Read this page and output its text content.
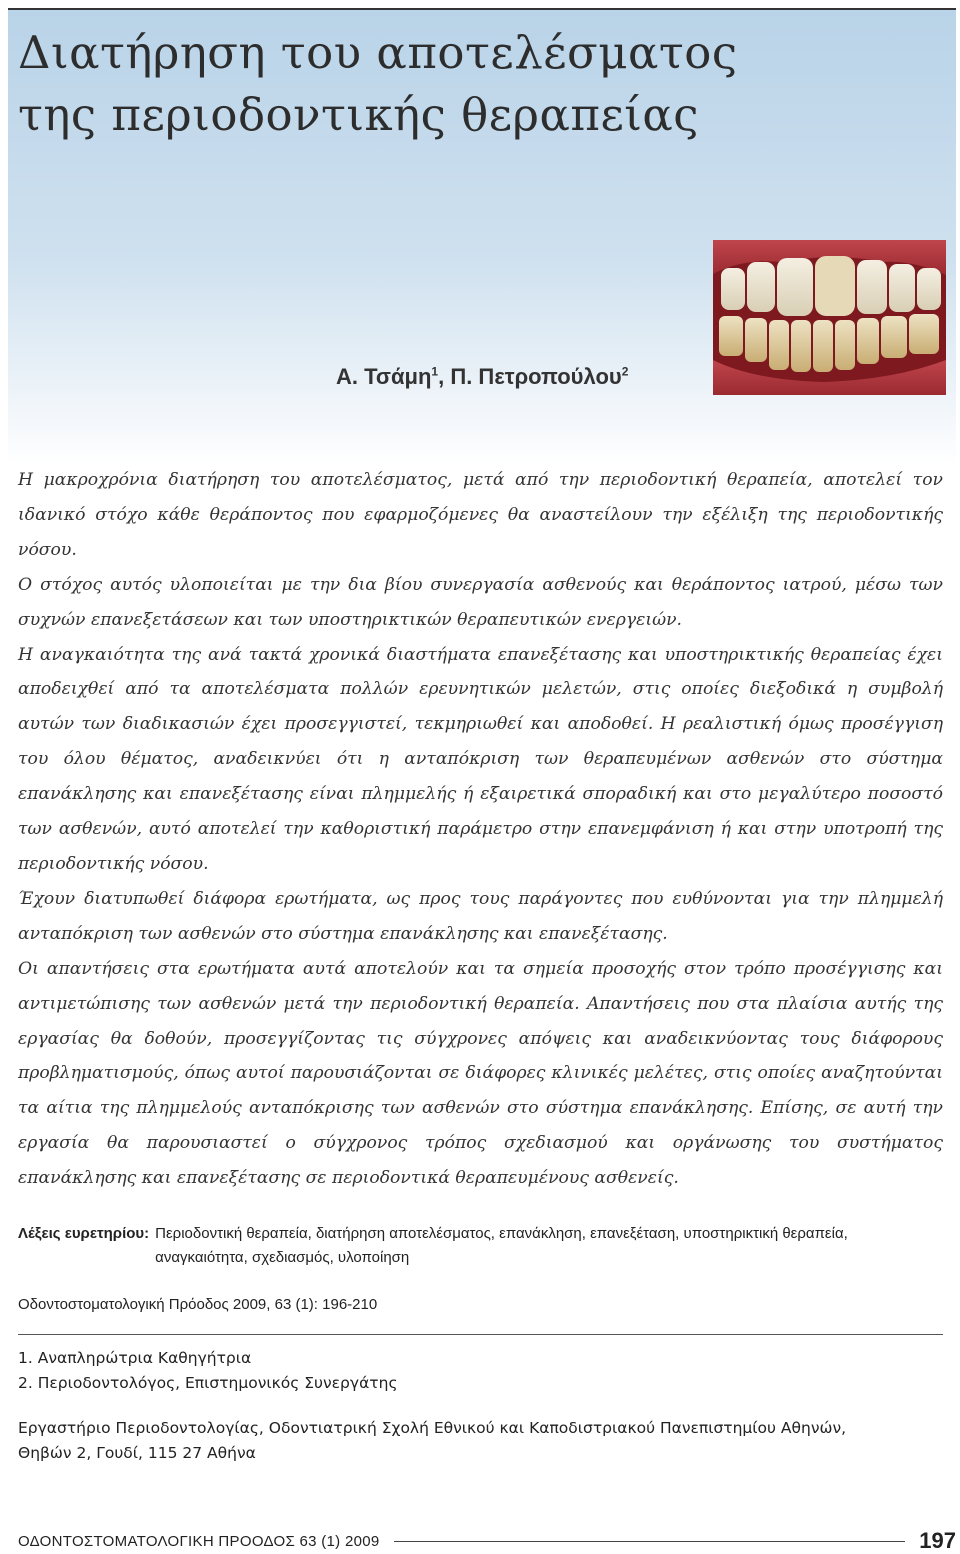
Διατήρηση του αποτελέσματος
της περιοδοντικής θεραπείας
Α. Τσάμη$^1$, Π. Πετροπούλου$^2$

Η μακροχρόνια διατήρηση του αποτελέσματος, μετά από την περιοδοντική θεραπεία, αποτελεί τον ιδανικό στόχο κάθε θεράποντος που εφαρμοζόμενες θα αναστείλουν την εξέλιξη της περιοδοντικής νόσου.

Ο στόχος αυτός υλοποιείται με την δια βίου συνεργασία ασθενούς και θεράποντος ιατρού, μέσω των συχνών επανεξετάσεων και των υποστηρικτικών θεραπευτικών ενεργειών.

Η αναγκαιότητα της ανά τακτά χρονικά διαστήματα επανεξέτασης και υποστηρικτικής θεραπείας έχει αποδειχθεί από τα αποτελέσματα πολλών ερευνητικών μελετών, στις οποίες διεξοδικά η συμβολή αυτών των διαδικασιών έχει προσεγγιστεί, τεκμηριωθεί και αποδοθεί. Η ρεαλιστική όμως προσέγγιση του όλου θέματος, αναδεικνύει ότι η ανταπόκριση των θεραπευμένων ασθενών στο σύστημα επανάκλησης και επανεξέτασης είναι πλημμελής ή εξαιρετικά σποραδική και στο μεγαλύτερο ποσοστό των ασθενών, αυτό αποτελεί την καθοριστική παράμετρο στην επανεμφάνιση ή και στην υποτροπή της περιοδοντικής νόσου.

Έχουν διατυπωθεί διάφορα ερωτήματα, ως προς τους παράγοντες που ευθύνονται για την πλημμελή ανταπόκριση των ασθενών στο σύστημα επανάκλησης και επανεξέτασης.

Οι απαντήσεις στα ερωτήματα αυτά αποτελούν και τα σημεία προσοχής στον τρόπο προσέγγισης και αντιμετώπισης των ασθενών μετά την περιοδοντική θεραπεία. Απαντήσεις που στα πλαίσια αυτής της εργασίας θα δοθούν, προσεγγίζοντας τις σύγχρονες απόψεις και αναδεικνύοντας τους διάφορους προβληματισμούς, όπως αυτοί παρουσιάζονται σε διάφορες κλινικές μελέτες, στις οποίες αναζητούνται τα αίτια της πλημμελούς ανταπόκρισης των ασθενών στο σύστημα επανάκλησης. Επίσης, σε αυτή την εργασία θα παρουσιαστεί ο σύγχρονος τρόπος σχεδιασμού και οργάνωσης του συστήματος επανάκλησης και επανεξέτασης σε περιοδοντικά θεραπευμένους ασθενείς.

Λέξεις ευρετηρίου: Περιοδοντική θεραπεία, διατήρηση αποτελέσματος, επανάκληση, επανεξέταση, υποστηρικτική θεραπεία, αναγκαιότητα, σχεδιασμός, υλοποίηση
Οδοντοστοματολογική Πρόοδος 2009, 63 (1): 196-210
1. Αναπληρώτρια Καθηγήτρια
2. Περιοδοντολόγος, Επιστημονικός Συνεργάτης
Εργαστήριο Περιοδοντολογίας, Οδοντιατρική Σχολή Εθνικού και Καποδιστριακού Πανεπιστημίου Αθηνών,
Θηβών 2, Γουδί, 115 27 Αθήνα
ΟΔΟΝΤΟΣΤΟΜΑΤΟΛΟΓΙΚΗ ΠΡΟΟΔΟΣ 63 (1) 2009	197
